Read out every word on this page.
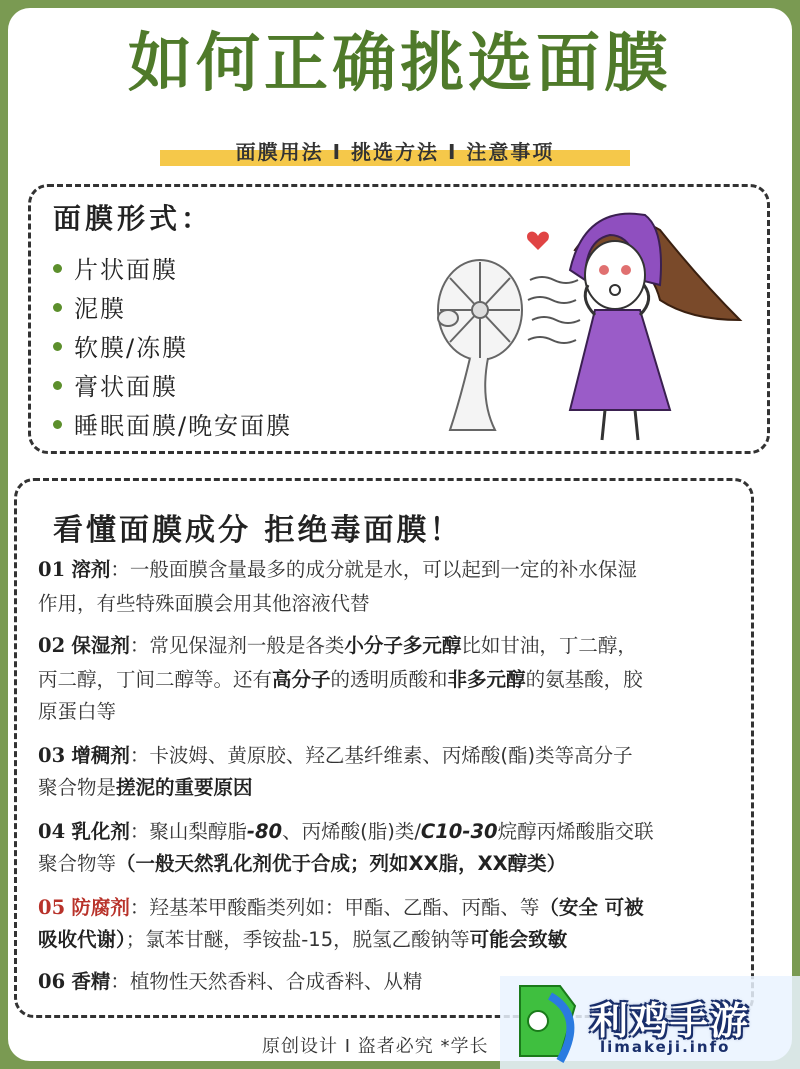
如何正确挑选面膜
面膜用法 I 挑选方法 I 注意事项
面膜形式：
片状面膜
泥膜
软膜/冻膜
膏状面膜
睡眠面膜/晚安面膜
看懂面膜成分 拒绝毒面膜！
01 溶剂：一般面膜含量最多的成分就是水，可以起到一定的补水保湿
作用，有些特殊面膜会用其他溶液代替
02 保湿剂：常见保湿剂一般是各类小分子多元醇比如甘油，丁二醇，
丙二醇，丁间二醇等。还有高分子的透明质酸和非多元醇的氨基酸，胶
原蛋白等
03 增稠剂：卡波姆、黄原胶、羟乙基纤维素、丙烯酸(酯)类等高分子
聚合物是搓泥的重要原因
04 乳化剂：聚山梨醇脂-80、丙烯酸(脂)类/C10-30烷醇丙烯酸脂交联
聚合物等（一般天然乳化剂优于合成；列如XX脂，XX醇类）
05 防腐剂：羟基苯甲酸酯类列如：甲酯、乙酯、丙酯、等（安全 可被
吸收代谢）；氯苯甘醚，季铵盐-15，脱氢乙酸钠等可能会致敏
06 香精：植物性天然香料、合成香料、从精
原创设计 I 盗者必究 *学长
利鸡手游
limakeji.info
